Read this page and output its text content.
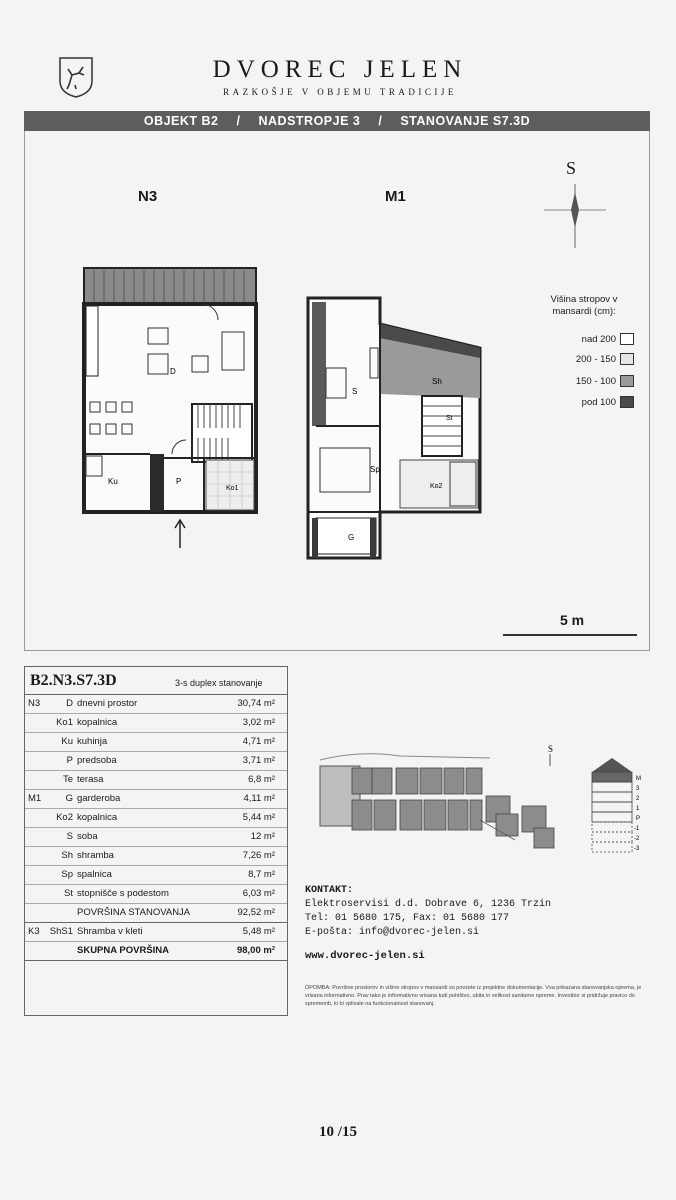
DVOREC JELEN
RAZKOŠJE V OBJEMU TRADICIJE
OBJEKT B2 / NADSTROPJE 3 / STANOVANJE S7.3D
N3	M1
S
D
Ku	P
Ko1
S
Sh
St
Sp
Ko2
G
Višina stropov v mansardi (cm):
nad 200
200 - 150
150 - 100
pod 100
5 m
B2.N3.S7.3D	3-s duplex stanovanje
N3	D dnevni prostor	30,74 m²
Ko1 kopalnica	3,02 m²
Ku kuhinja	4,71 m²
P predsoba	3,71 m²
Te terasa	6,8 m²
M1	G garderoba	4,11 m²
Ko2 kopalnica	5,44 m²
S soba	12 m²
Sh shramba	7,26 m²
Sp spalnica	8,7 m²
St stopnišče s podestom	6,03 m²
POVRŠINA STANOVANJA	92,52 m²
K3 ShS1 Shramba v kleti	5,48 m²
SKUPNA POVRŠINA	98,00 m²
S
M
3
2
1
P
-1
-2
-3
KONTAKT:
Elektroservisi d.d. Dobrave 6, 1236 Trzin
Tel: 01 5680 175, Fax: 01 5680 177
E-pošta: info@dvorec-jelen.si
www.dvorec-jelen.si
OPOMBA: Površine prostorov in višine stropov v mansardi so povzete iz projektne dokumentacije. Vsa prikazana stanovanjska oprema, je vrisana informativno. Prav tako je informativno vrisana tudi pohištvo, ubita in velikost sanitarne opreme. Investitor si pridržuje pravico do sprememb, ki bi vplivale na funkcionalnost stanovanj.
10 /15
